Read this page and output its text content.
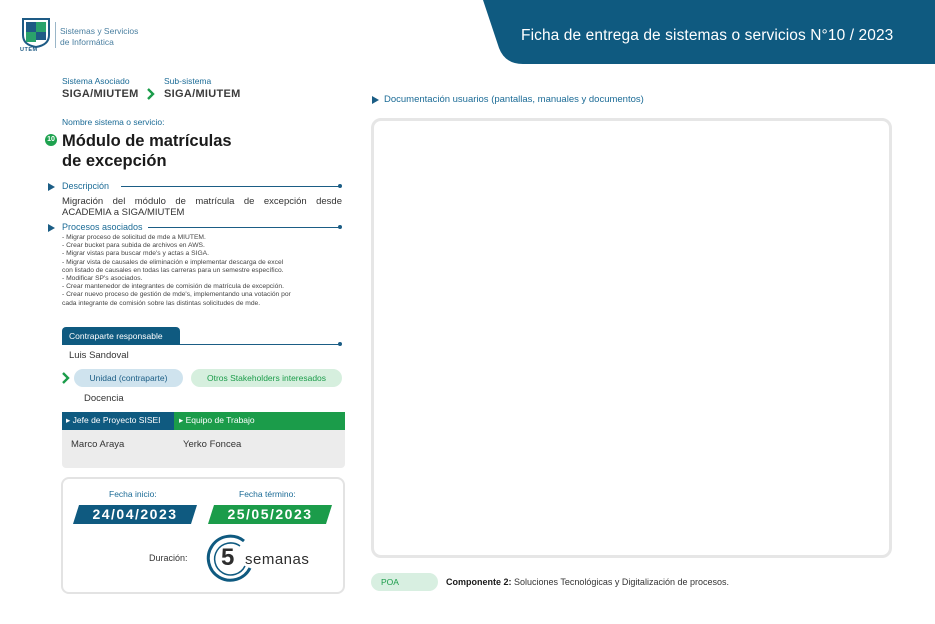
UTEM
Sistemas y Servicios
de Informática	Ficha de entrega de sistemas o servicios N°10 / 2023
Sistema Asociado
SIGA/MIUTEM
Sub-sistema
SIGA/MIUTEM
Nombre sistema o servicio:
10 Módulo de matrículas
de excepción
Descripción
Migración del módulo de matrícula de excepción desde ACADEMIA a SIGA/MIUTEM
Procesos asociados
- Migrar proceso de solicitud de mde a MIUTEM.
- Crear bucket para subida de archivos en AWS.
- Migrar vistas para buscar mde's y actas a SIGA.
- Migrar vista de causales de eliminación e implementar descarga de excel
con listado de causales en todas las carreras para un semestre específico.
- Modificar SP's asociados.
- Crear mantenedor de integrantes de comisión de matrícula de excepción.
- Crear nuevo proceso de gestión de mde's, implementando una votación por
cada integrante de comisión sobre las distintas solicitudes de mde.
Contraparte responsable
Luis Sandoval
Unidad (contraparte)	Otros Stakeholders interesados
Docencia
▸ Jefe de Proyecto SISEI ▸ Equipo de Trabajo
Marco Araya	Yerko Foncea
Fecha inicio:
24/04/2023
Fecha término:
25/05/2023
Duración: 5 semanas
Documentación usuarios (pantallas, manuales y documentos)
POA	Componente 2: Soluciones Tecnológicas y Digitalización de procesos.
